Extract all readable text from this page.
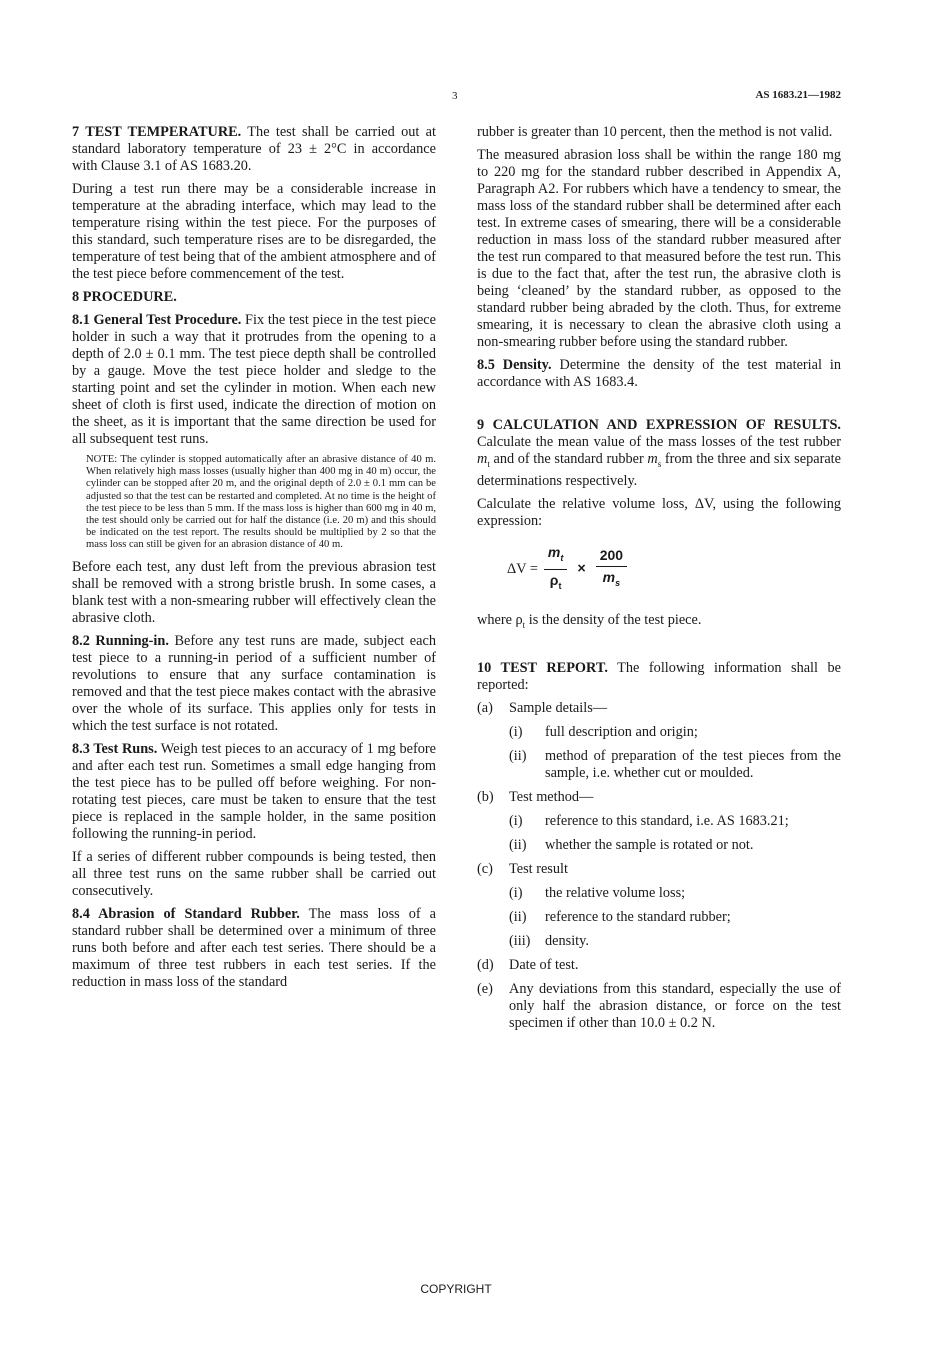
3	AS 1683.21—1982

7 TEST TEMPERATURE. The test shall be carried out at standard laboratory temperature of 23 ± 2°C in accordance with Clause 3.1 of AS 1683.20.

During a test run there may be a considerable increase in temperature at the abrading interface, which may lead to the temperature rising within the test piece. For the purposes of this standard, such temperature rises are to be disregarded, the temperature of test being that of the ambient atmosphere and of the test piece before commencement of the test.

8 PROCEDURE.

8.1 General Test Procedure. Fix the test piece in the test piece holder in such a way that it protrudes from the opening to a depth of 2.0 ± 0.1 mm. The test piece depth shall be controlled by a gauge. Move the test piece holder and sledge to the starting point and set the cylinder in motion. When each new sheet of cloth is first used, indicate the direction of motion on the sheet, as it is important that the same direction be used for all subsequent test runs.

NOTE: The cylinder is stopped automatically after an abrasive distance of 40 m. When relatively high mass losses (usually higher than 400 mg in 40 m) occur, the cylinder can be stopped after 20 m, and the original depth of 2.0 ± 0.1 mm can be adjusted so that the test can be restarted and completed. At no time is the height of the test piece to be less than 5 mm. If the mass loss is higher than 600 mg in 40 m, the test should only be carried out for half the distance (i.e. 20 m) and this should be indicated on the test report. The results should be multiplied by 2 so that the mass loss can still be given for an abrasion distance of 40 m.

Before each test, any dust left from the previous abrasion test shall be removed with a strong bristle brush. In some cases, a blank test with a non-smearing rubber will effectively clean the abrasive cloth.

8.2 Running-in. Before any test runs are made, subject each test piece to a running-in period of a sufficient number of revolutions to ensure that any surface contamination is removed and that the test piece makes contact with the abrasive over the whole of its surface. This applies only for tests in which the test surface is not rotated.

8.3 Test Runs. Weigh test pieces to an accuracy of 1 mg before and after each test run. Sometimes a small edge hanging from the test piece has to be pulled off before weighing. For non-rotating test pieces, care must be taken to ensure that the test piece is replaced in the sample holder, in the same position following the running-in period.

If a series of different rubber compounds is being tested, then all three test runs on the same rubber shall be carried out consecutively.

8.4 Abrasion of Standard Rubber. The mass loss of a standard rubber shall be determined over a minimum of three runs both before and after each test series. There should be a maximum of three test rubbers in each test series. If the reduction in mass loss of the standard

rubber is greater than 10 percent, then the method is not valid.

The measured abrasion loss shall be within the range 180 mg to 220 mg for the standard rubber described in Appendix A, Paragraph A2. For rubbers which have a tendency to smear, the mass loss of the standard rubber shall be determined after each test. In extreme cases of smearing, there will be a considerable reduction in mass loss of the standard rubber measured after the test run compared to that measured before the test run. This is due to the fact that, after the test run, the abrasive cloth is being ‘cleaned’ by the standard rubber, as opposed to the standard rubber being abraded by the cloth. Thus, for extreme smearing, it is necessary to clean the abrasive cloth using a non-smearing rubber before using the standard rubber.

8.5 Density. Determine the density of the test material in accordance with AS 1683.4.

9 CALCULATION AND EXPRESSION OF RESULTS. Calculate the mean value of the mass losses of the test rubber $m_t$ and of the standard rubber $m_s$ from the three and six separate determinations respectively.

Calculate the relative volume loss, ΔV, using the following expression:

$\Delta V = \frac{m_t}{\rho_t} \times \frac{200}{m_s}$

where $\rho_t$ is the density of the test piece.

10 TEST REPORT. The following information shall be reported:

(a)	Sample details—
(i)	full description and origin;
(ii)	method of preparation of the test pieces from the sample, i.e. whether cut or moulded.
(b)	Test method—
(i)	reference to this standard, i.e. AS 1683.21;
(ii)	whether the sample is rotated or not.
(c)	Test result
(i)	the relative volume loss;
(ii)	reference to the standard rubber;
(iii)	density.
(d)	Date of test.
(e)	Any deviations from this standard, especially the use of only half the abrasion distance, or force on the test specimen if other than 10.0 ± 0.2 N.
COPYRIGHT
